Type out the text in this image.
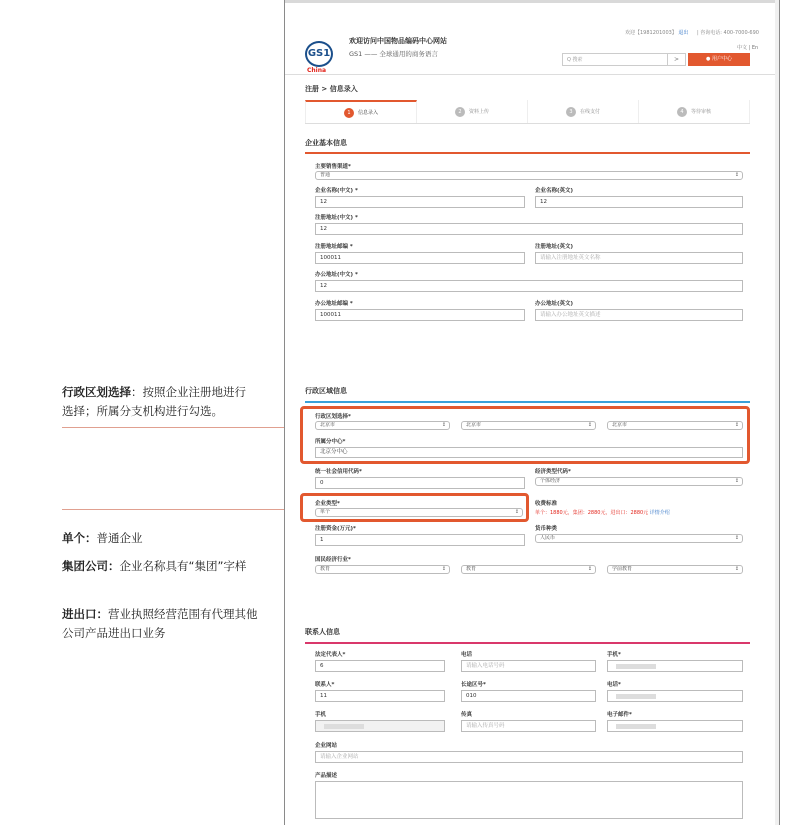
行政区划选择：按照企业注册地进行选择；所属分支机构进行勾选。
单个：普通企业
集团公司：企业名称具有“集团”字样
进出口：营业执照经营范围有代理其他公司产品进出口业务
GS1
China
欢迎访问中国物品编码中心网站
GS1 —— 全球通用的商务语言
欢迎【1981201003】 退出 | 咨询电话: 400-7000-690
中文 | En
Q 搜索	>	● 用户中心
注册 > 信息录入
1	信息录入	2	资料上传	3	在线支付	4	等待审核
企业基本信息
主要销售渠道*
普通	↕
企业名称(中文) *
12
企业名称(英文)
12
注册地址(中文) *
12
注册地址邮编 *
100011
注册地址(英文)
请输入注册地址英文名称
办公地址(中文) *
12
办公地址邮编 *
100011
办公地址(英文)
请输入办公地址英文描述
行政区域信息
行政区划选择*
北京市	↕	北京市	↕	北京市	↕
所属分中心*
北京分中心
统一社会信用代码*
0
经济类型代码*
个体经济	↕
企业类型*
单个	↕
收费标准
单个：1880元，集团：2880元，进出口：2880元 详情介绍
注册资金(万元)*
1
货币种类
人民币	↕
国民经济行业*
教育	↕	教育	↕	学前教育	↕
联系人信息
法定代表人*
6
电话
请输入电话号码
手机*
联系人*
11
长途区号*
010
电话*
手机	传真
请输入传真号码
电子邮件*
企业网站
请输入企业网站
产品描述
